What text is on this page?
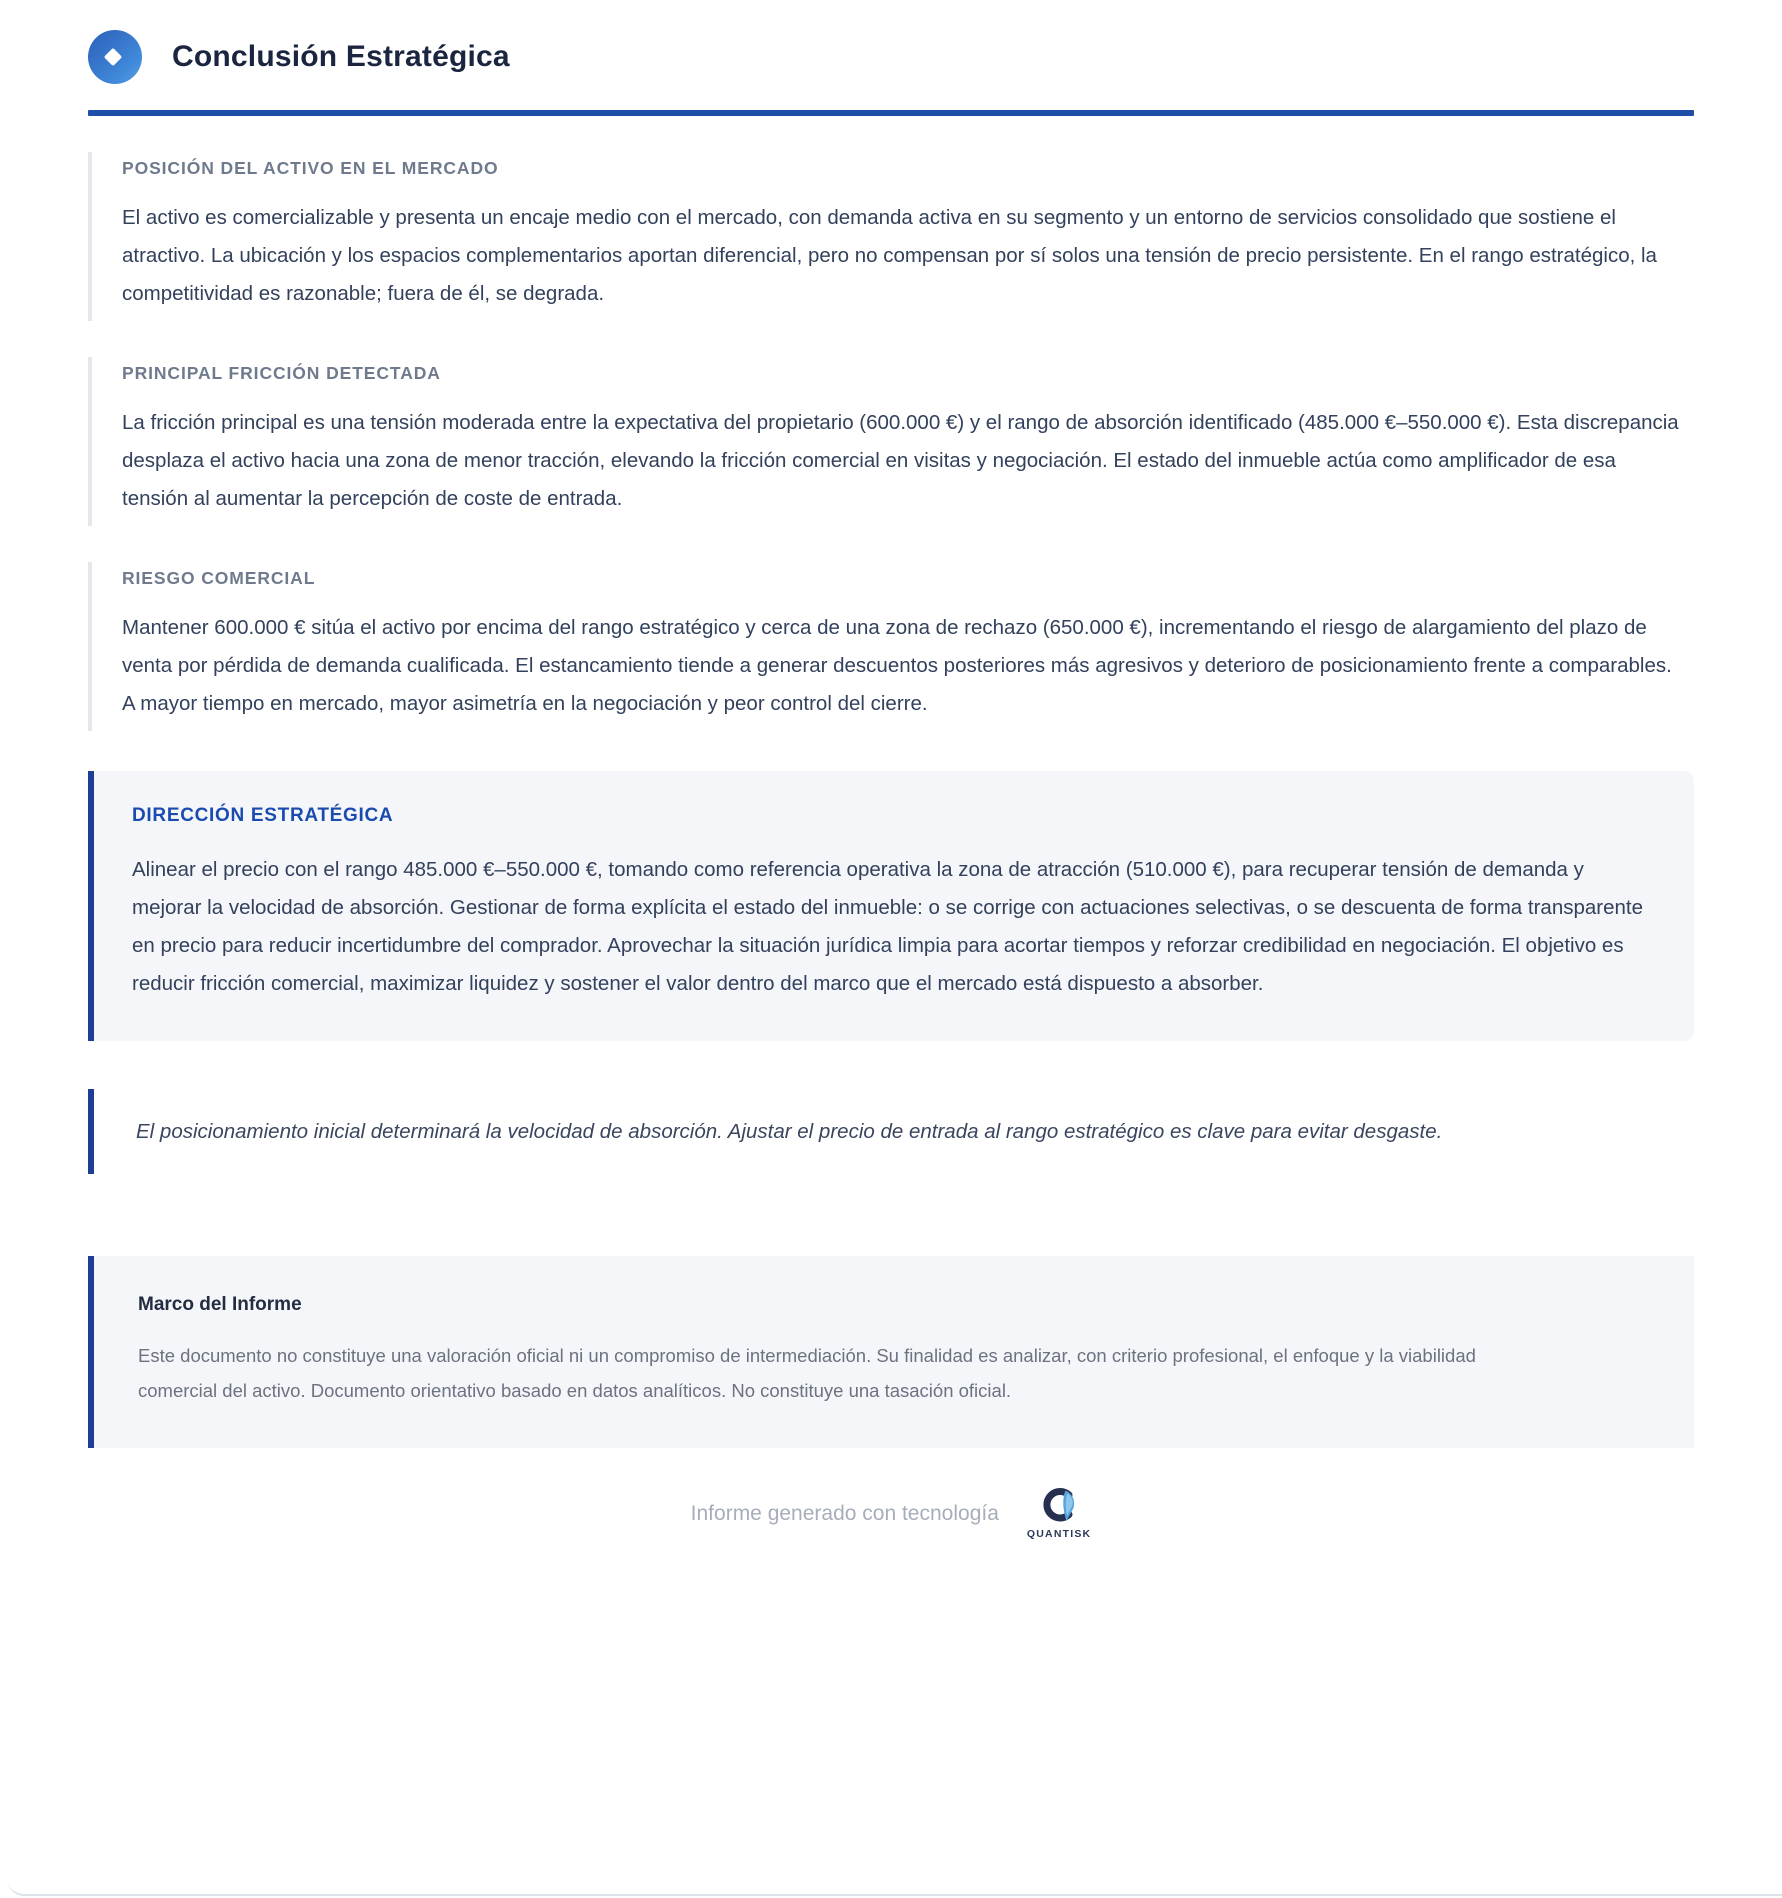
Conclusión Estratégica
POSICIÓN DEL ACTIVO EN EL MERCADO

El activo es comercializable y presenta un encaje medio con el mercado, con demanda activa en su segmento y un entorno de servicios consolidado que sostiene el atractivo. La ubicación y los espacios complementarios aportan diferencial, pero no compensan por sí solos una tensión de precio persistente. En el rango estratégico, la competitividad es razonable; fuera de él, se degrada.

PRINCIPAL FRICCIÓN DETECTADA

La fricción principal es una tensión moderada entre la expectativa del propietario (600.000 €) y el rango de absorción identificado (485.000 €–550.000 €). Esta discrepancia desplaza el activo hacia una zona de menor tracción, elevando la fricción comercial en visitas y negociación. El estado del inmueble actúa como amplificador de esa tensión al aumentar la percepción de coste de entrada.

RIESGO COMERCIAL

Mantener 600.000 € sitúa el activo por encima del rango estratégico y cerca de una zona de rechazo (650.000 €), incrementando el riesgo de alargamiento del plazo de venta por pérdida de demanda cualificada. El estancamiento tiende a generar descuentos posteriores más agresivos y deterioro de posicionamiento frente a comparables. A mayor tiempo en mercado, mayor asimetría en la negociación y peor control del cierre.

DIRECCIÓN ESTRATÉGICA

Alinear el precio con el rango 485.000 €–550.000 €, tomando como referencia operativa la zona de atracción (510.000 €), para recuperar tensión de demanda y mejorar la velocidad de absorción. Gestionar de forma explícita el estado del inmueble: o se corrige con actuaciones selectivas, o se descuenta de forma transparente en precio para reducir incertidumbre del comprador. Aprovechar la situación jurídica limpia para acortar tiempos y reforzar credibilidad en negociación. El objetivo es reducir fricción comercial, maximizar liquidez y sostener el valor dentro del marco que el mercado está dispuesto a absorber.

El posicionamiento inicial determinará la velocidad de absorción. Ajustar el precio de entrada al rango estratégico es clave para evitar desgaste.

Marco del Informe

Este documento no constituye una valoración oficial ni un compromiso de intermediación. Su finalidad es analizar, con criterio profesional, el enfoque y la viabilidad comercial del activo. Documento orientativo basado en datos analíticos. No constituye una tasación oficial.

Informe generado con tecnología
QUANTISK
